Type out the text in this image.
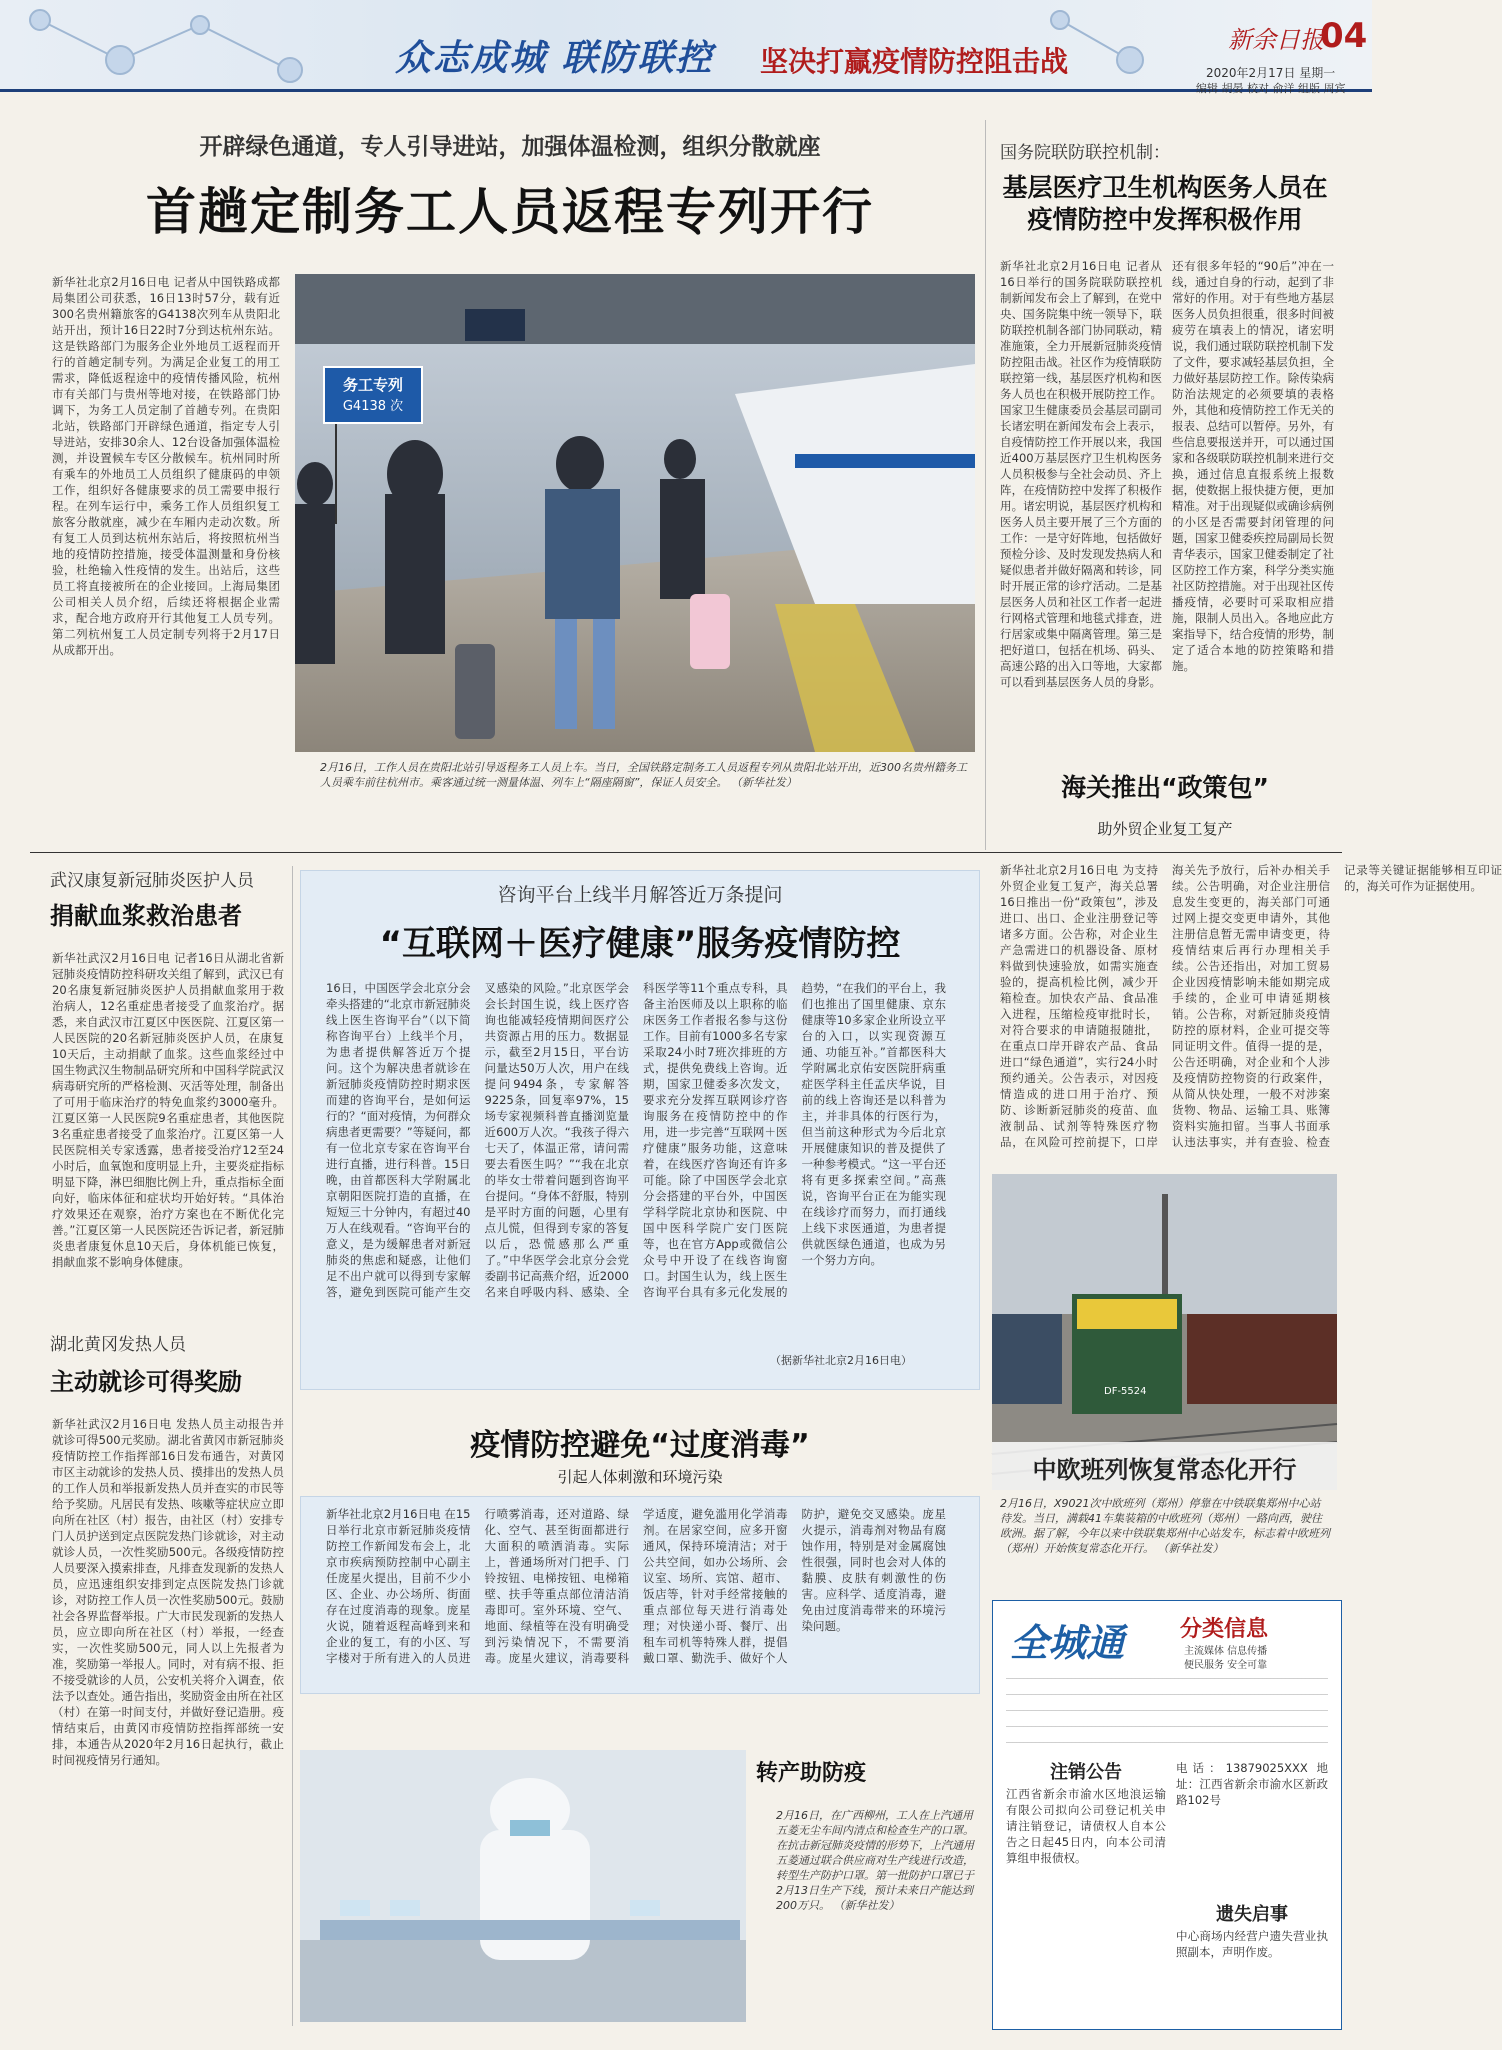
众志成城 联防联控 坚决打赢疫情防控阻击战
新余日报
04
2020年2月17日 星期一
编辑 胡晏 校对 俞洋 组版 周宾
开辟绿色通道，专人引导进站，加强体温检测，组织分散就座
首趟定制务工人员返程专列开行
新华社北京2月16日电 记者从中国铁路成都局集团公司获悉，16日13时57分，载有近300名贵州籍旅客的G4138次列车从贵阳北站开出，预计16日22时7分到达杭州东站。这是铁路部门为服务企业外地员工返程而开行的首趟定制专列。为满足企业复工的用工需求，降低返程途中的疫情传播风险，杭州市有关部门与贵州等地对接，在铁路部门协调下，为务工人员定制了首趟专列。在贵阳北站，铁路部门开辟绿色通道，指定专人引导进站，安排30余人、12台设备加强体温检测，并设置候车专区分散候车。杭州同时所有乘车的外地员工人员组织了健康码的申领工作，组织好各健康要求的员工需要申报行程。在列车运行中，乘务工作人员组织复工旅客分散就座，减少在车厢内走动次数。所有复工人员到达杭州东站后，将按照杭州当地的疫情防控措施，接受体温测量和身份核验，杜绝输入性疫情的发生。出站后，这些员工将直接被所在的企业接回。上海局集团公司相关人员介绍，后续还将根据企业需求，配合地方政府开行其他复工人员专列。第二列杭州复工人员定制专列将于2月17日从成都开出。
务工专列
G4138 次
2月16日，工作人员在贵阳北站引导返程务工人员上车。当日，全国铁路定制务工人员返程专列从贵阳北站开出，近300名贵州籍务工人员乘车前往杭州市。乘客通过统一测量体温、列车上“隔座隔窗”，保证人员安全。 （新华社发）
国务院联防联控机制：
基层医疗卫生机构医务人员在疫情防控中发挥积极作用
新华社北京2月16日电 记者从16日举行的国务院联防联控机制新闻发布会上了解到，在党中央、国务院集中统一领导下，联防联控机制各部门协同联动，精准施策，全力开展新冠肺炎疫情防控阻击战。社区作为疫情联防联控第一线，基层医疗机构和医务人员也在积极开展防控工作。国家卫生健康委员会基层司副司长诸宏明在新闻发布会上表示，自疫情防控工作开展以来，我国近400万基层医疗卫生机构医务人员积极参与全社会动员、齐上阵，在疫情防控中发挥了积极作用。诸宏明说，基层医疗机构和医务人员主要开展了三个方面的工作：一是守好阵地，包括做好预检分诊、及时发现发热病人和疑似患者并做好隔离和转诊，同时开展正常的诊疗活动。二是基层医务人员和社区工作者一起进行网格式管理和地毯式排查，进行居家或集中隔离管理。第三是把好道口，包括在机场、码头、高速公路的出入口等地，大家都可以看到基层医务人员的身影。
还有很多年轻的“90后”冲在一线，通过自身的行动，起到了非常好的作用。对于有些地方基层医务人员负担很重，很多时间被疲劳在填表上的情况，诸宏明说，我们通过联防联控机制下发了文件，要求减轻基层负担，全力做好基层防控工作。除传染病防治法规定的必须要填的表格外，其他和疫情防控工作无关的报表、总结可以暂停。另外，有些信息要报送并开，可以通过国家和各级联防联控机制来进行交换，通过信息直报系统上报数据，使数据上报快捷方便，更加精准。对于出现疑似或确诊病例的小区是否需要封闭管理的问题，国家卫健委疾控局副局长贺青华表示，国家卫健委制定了社区防控工作方案，科学分类实施社区防控措施。对于出现社区传播疫情，必要时可采取相应措施，限制人员出入。各地应此方案指导下，结合疫情的形势，制定了适合本地的防控策略和措施。
海关推出“政策包”
助外贸企业复工复产
新华社北京2月16日电 为支持外贸企业复工复产，海关总署16日推出一份“政策包”，涉及进口、出口、企业注册登记等诸多方面。公告称，对企业生产急需进口的机器设备、原材料做到快速验放，如需实施查验的，提高机检比例，减少开箱检查。加快农产品、食品准入进程，压缩检疫审批时长，对符合要求的申请随报随批，在重点口岸开辟农产品、食品进口“绿色通道”，实行24小时预约通关。公告表示，对因疫情造成的进口用于治疗、预防、诊断新冠肺炎的疫苗、血液制品、试剂等特殊医疗物品，在风险可控前提下，口岸海关先予放行，后补办相关手续。公告明确，对企业注册信息发生变更的，海关部门可通过网上提交变更申请外，其他注册信息暂无需申请变更，待疫情结束后再行办理相关手续。公告还指出，对加工贸易企业因疫情影响未能如期完成手续的，企业可申请延期核销。公告称，对新冠肺炎疫情防控的原材料，企业可提交等同证明文件。值得一提的是，公告还明确，对企业和个人涉及疫情防控物资的行政案件，从简从快处理，一般不对涉案货物、物品、运输工具、账簿资料实施扣留。当事人书面承认违法事实，并有查验、检查记录等关键证据能够相互印证的，海关可作为证据使用。
DF-5524
中欧班列恢复常态化开行
2月16日，X9021次中欧班列（郑州）停靠在中铁联集郑州中心站待发。当日，满载41车集装箱的中欧班列（郑州）一路向西，驶往欧洲。据了解，今年以来中铁联集郑州中心站发车，标志着中欧班列（郑州）开始恢复常态化开行。 （新华社发）
武汉康复新冠肺炎医护人员
捐献血浆救治患者
新华社武汉2月16日电 记者16日从湖北省新冠肺炎疫情防控科研攻关组了解到，武汉已有20名康复新冠肺炎医护人员捐献血浆用于救治病人，12名重症患者接受了血浆治疗。据悉，来自武汉市江夏区中医医院、江夏区第一人民医院的20名新冠肺炎医护人员，在康复10天后，主动捐献了血浆。这些血浆经过中国生物武汉生物制品研究所和中国科学院武汉病毒研究所的严格检测、灭活等处理，制备出了可用于临床治疗的特免血浆约3000毫升。江夏区第一人民医院9名重症患者，其他医院3名重症患者接受了血浆治疗。江夏区第一人民医院相关专家透露，患者接受治疗12至24小时后，血氧饱和度明显上升，主要炎症指标明显下降，淋巴细胞比例上升，重点指标全面向好，临床体征和症状均开始好转。“具体治疗效果还在观察，治疗方案也在不断优化完善。”江夏区第一人民医院还告诉记者，新冠肺炎患者康复休息10天后，身体机能已恢复，捐献血浆不影响身体健康。
湖北黄冈发热人员
主动就诊可得奖励
新华社武汉2月16日电 发热人员主动报告并就诊可得500元奖励。湖北省黄冈市新冠肺炎疫情防控工作指挥部16日发布通告，对黄冈市区主动就诊的发热人员、摸排出的发热人员的工作人员和举报新发热人员并查实的市民等给予奖励。凡居民有发热、咳嗽等症状应立即向所在社区（村）报告，由社区（村）安排专门人员护送到定点医院发热门诊就诊，对主动就诊人员，一次性奖励500元。各级疫情防控人员要深入摸索排查，凡排查发现新的发热人员，应迅速组织安排到定点医院发热门诊就诊，对防控工作人员一次性奖励500元。鼓励社会各界监督举报。广大市民发现新的发热人员，应立即向所在社区（村）举报，一经查实，一次性奖励500元，同人以上先报者为准，奖励第一举报人。同时，对有病不报、拒不接受就诊的人员，公安机关将介入调查，依法予以查处。通告指出，奖励资金由所在社区（村）在第一时间支付，并做好登记造册。疫情结束后，由黄冈市疫情防控指挥部统一安排，本通告从2020年2月16日起执行，截止时间视疫情另行通知。
咨询平台上线半月解答近万条提问
“互联网＋医疗健康”服务疫情防控
16日，中国医学会北京分会牵头搭建的“北京市新冠肺炎线上医生咨询平台”（以下简称咨询平台）上线半个月，为患者提供解答近万个提问。这个为解决患者就诊在新冠肺炎疫情防控时期求医而建的咨询平台，是如何运行的？“面对疫情，为何群众病患者更需要？”等疑问，都有一位北京专家在咨询平台进行直播，进行科普。15日晚，由首都医科大学附属北京朝阳医院打造的直播，在短短三十分钟内，有超过40万人在线观看。“咨询平台的意义，是为缓解患者对新冠肺炎的焦虑和疑惑，让他们足不出户就可以得到专家解答，避免到医院可能产生交叉感染的风险。”北京医学会会长封国生说，线上医疗咨询也能减轻疫情期间医疗公共资源占用的压力。数据显示，截至2月15日，平台访问量达50万人次，用户在线提问9494条，专家解答9225条，回复率97%，15场专家视频科普直播浏览量近600万人次。“我孩子得六七天了，体温正常，请问需要去看医生吗？”“我在北京的毕女士带着问题到咨询平台提问。“身体不舒服，特别是平时方面的问题，心里有点儿慌，但得到专家的答复以后，恐慌感那么严重了。”中华医学会北京分会党委副书记高燕介绍，近2000名来自呼吸内科、感染、全科医学等11个重点专科，具备主治医师及以上职称的临床医务工作者报名参与这份工作。目前有1000多名专家采取24小时7班次排班的方式，提供免费线上咨询。近期，国家卫健委多次发文，要求充分发挥互联网诊疗咨询服务在疫情防控中的作用，进一步完善“互联网＋医疗健康”服务功能，这意味着，在线医疗咨询还有许多可能。除了中国医学会北京分会搭建的平台外，中国医学科学院北京协和医院、中国中医科学院广安门医院等，也在官方App或微信公众号中开设了在线咨询窗口。封国生认为，线上医生咨询平台具有多元化发展的趋势，“在我们的平台上，我们也推出了国里健康、京东健康等10多家企业所设立平台的入口，以实现资源互通、功能互补。”首都医科大学附属北京佑安医院肝病重症医学科主任孟庆华说，目前的线上咨询还是以科普为主，并非具体的行医行为，但当前这种形式为今后北京开展健康知识的普及提供了一种参考模式。“这一平台还将有更多探索空间。”高燕说，咨询平台正在为能实现在线诊疗而努力，而打通线上线下求医通道，为患者提供就医绿色通道，也成为另一个努力方向。
（据新华社北京2月16日电）
疫情防控避免“过度消毒”
引起人体刺激和环境污染
新华社北京2月16日电 在15日举行北京市新冠肺炎疫情防控工作新闻发布会上，北京市疾病预防控制中心副主任庞星火提出，目前不少小区、企业、办公场所、街面存在过度消毒的现象。庞星火说，随着返程高峰到来和企业的复工，有的小区、写字楼对于所有进入的人员进行喷雾消毒，还对道路、绿化、空气、甚至街面都进行大面积的喷洒消毒。实际上，普通场所对门把手、门铃按钮、电梯按钮、电梯箱壁、扶手等重点部位清洁消毒即可。室外环境、空气、地面、绿植等在没有明确受到污染情况下，不需要消毒。庞星火建议，消毒要科学适度，避免滥用化学消毒剂。在居家空间，应多开窗通风，保持环境清洁；对于公共空间，如办公场所、会议室、场所、宾馆、超市、饭店等，针对手经常接触的重点部位每天进行消毒处理；对快递小哥、餐厅、出租车司机等特殊人群，提倡戴口罩、勤洗手、做好个人防护，避免交叉感染。庞星火提示，消毒剂对物品有腐蚀作用，特别是对金属腐蚀性很强，同时也会对人体的黏膜、皮肤有刺激性的伤害。应科学、适度消毒，避免由过度消毒带来的环境污染问题。
转产助防疫
2月16日，在广西柳州，工人在上汽通用五菱无尘车间内清点和检查生产的口罩。在抗击新冠肺炎疫情的形势下，上汽通用五菱通过联合供应商对生产线进行改造，转型生产防护口罩。第一批防护口罩已于2月13日生产下线，预计未来日产能达到200万只。 （新华社发）
全城通	分类信息
主流媒体 信息传播
便民服务 安全可靠
注销公告
江西省新余市渝水区地浪运输有限公司拟向公司登记机关申请注销登记，请债权人自本公告之日起45日内，向本公司清算组申报债权。
电话：13879025XXX 地址：江西省新余市渝水区新政路102号
遗失启事
中心商场内经营户遗失营业执照副本，声明作废。
